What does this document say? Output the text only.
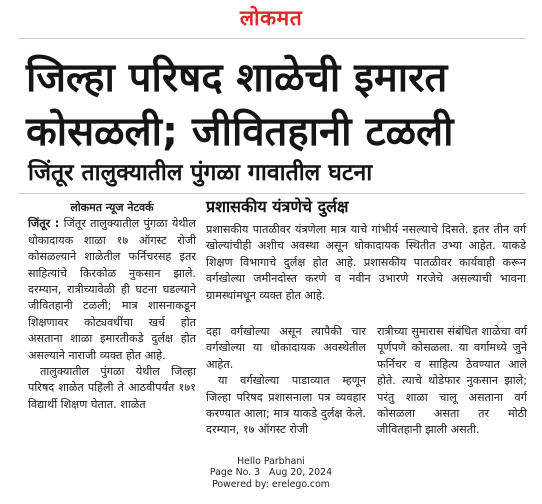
लोकमत
जिल्हा परिषद शाळेची इमारत
कोसळली; जीवितहानी टळली
जिंतूर तालुक्यातील पुंगळा गावातील घटना
लोकमत न्यूज नेटवर्क

जिंतूर : जिंतूर तालुक्यातील पुंगळा येथील धोकादायक शाळा १७ ऑगस्ट रोजी कोसळल्याने शाळेतील फर्निचरसह इतर साहित्यांचे किरकोळ नुकसान झाले. दरम्यान, रात्रीच्यावेळी ही घटना घडल्याने जीवितहानी टळली; मात्र शासनाकडून शिक्षणावर कोट्यवधींचा खर्च होत असताना शाळा इमारतीकडे दुर्लक्ष होत असल्याने नाराजी व्यक्त होत आहे.

तालुक्यातील पुंगळा येथील जिल्हा परिषद शाळेत पहिली ते आठवीपर्यंत १७१ विद्यार्थी शिक्षण घेतात. शाळेत

प्रशासकीय यंत्रणेचे दुर्लक्ष

प्रशासकीय पातळीवर यंत्रणेला मात्र याचे गांभीर्य नसल्याचे दिसते. इतर तीन वर्ग खोल्यांचीही अशीच अवस्था असून धोकादायक स्थितीत उभ्या आहेत. याकडे शिक्षण विभागाचे दुर्लक्ष होत आहे. प्रशासकीय पातळीवर कार्यवाही करून वर्गखोल्या जमीनदोस्त करणे व नवीन उभारणे गरजेचे असल्याची भावना ग्रामस्थांमधून व्यक्त होत आहे.

दहा वर्गखोल्या असून त्यापैकी चार वर्गखोल्या या धोकादायक अवस्थेतील आहेत.

या वर्गखोल्या पाडाव्यात म्हणून जिल्हा परिषद प्रशासनाला पत्र व्यवहार करण्यात आला; मात्र याकडे दुर्लक्ष केले. दरम्यान, १७ ऑगस्ट रोजी

रात्रीच्या सुमारास संबंधित शाळेचा वर्ग पूर्णपणे कोसळला. या वर्गामध्ये जुने फर्निचर व साहित्य ठेवण्यात आले होते. त्याचे थोडेफार नुकसान झाले; परंतु शाळा चालू असताना वर्ग कोसळला असता तर मोठी जीवितहानी झाली असती.

Hello Parbhani
Page No. 3 Aug 20, 2024
Powered by: erelego.com
